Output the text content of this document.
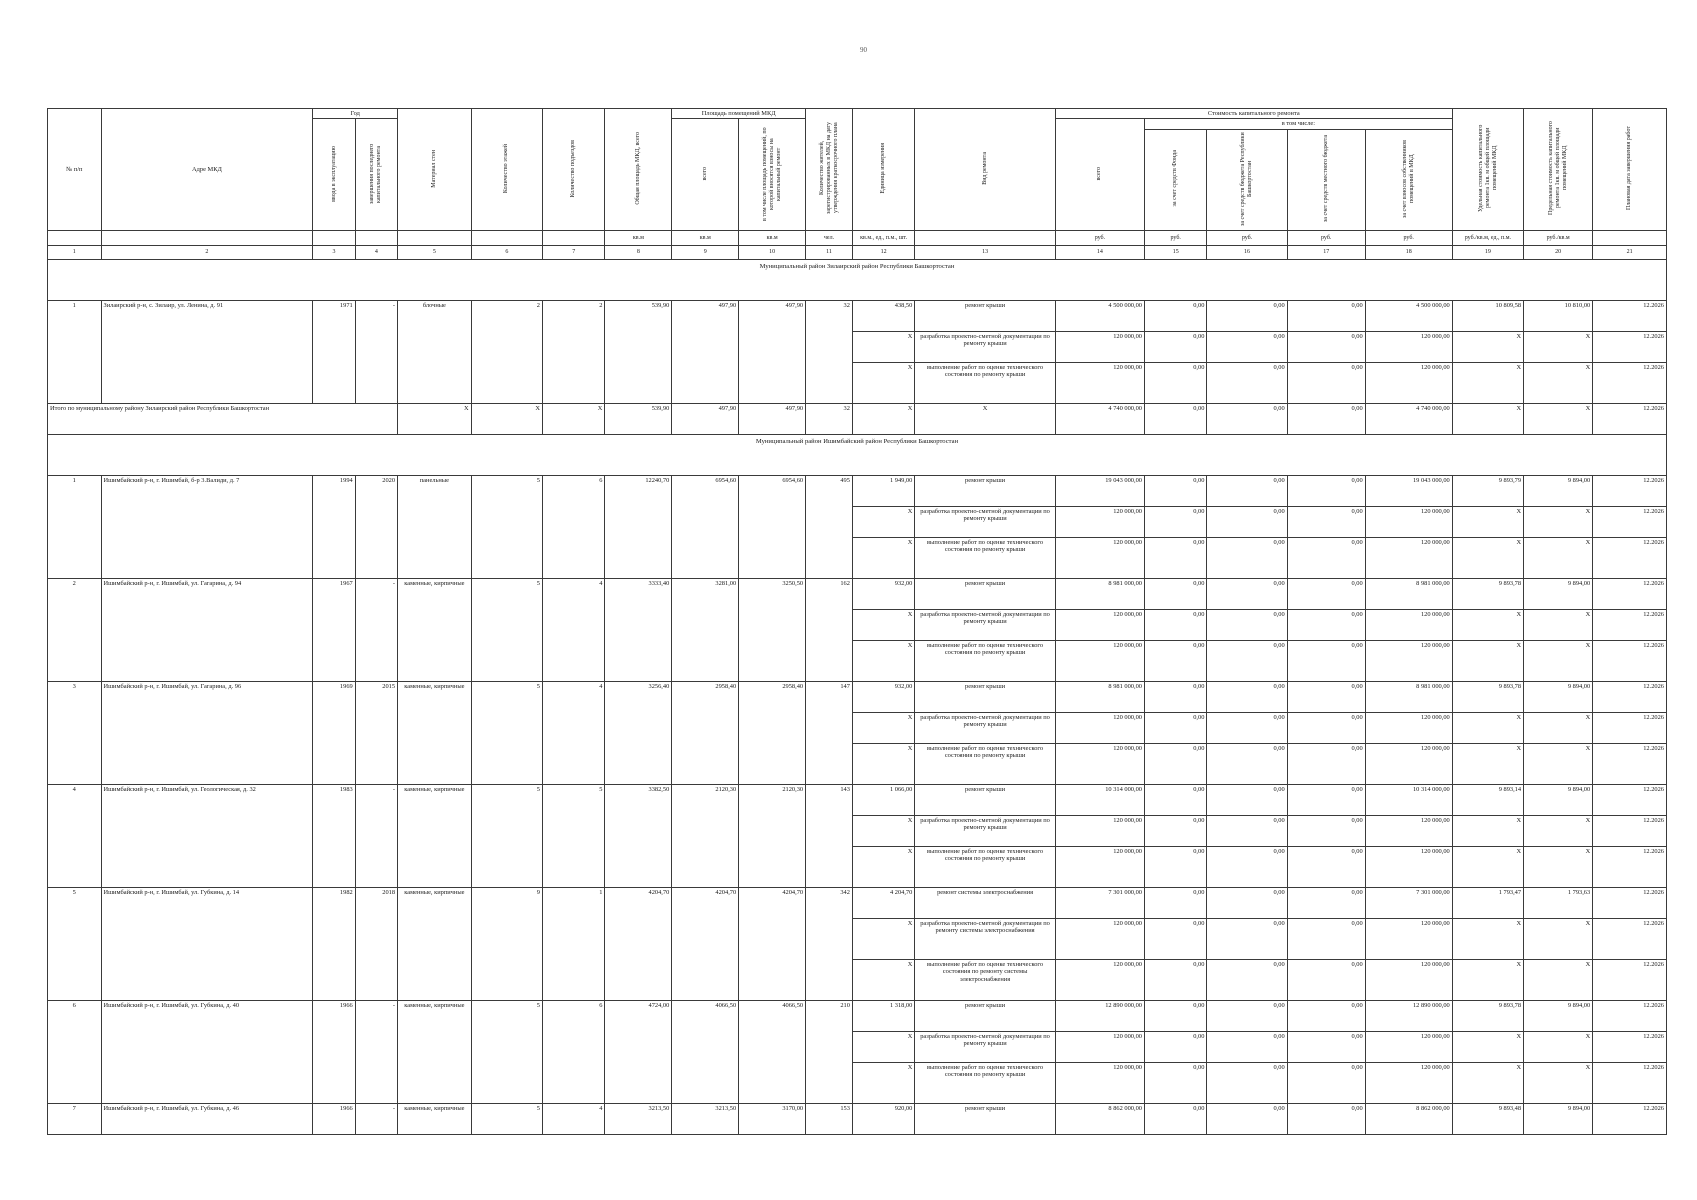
90
№ п/п	Адре МКД	Год		Материал стен	Количество этажей	Количество подъездов	Общая площадь МКД, всего	Площадь помещений МКД		Количество жителей, зарегистрированных в МКД на дату утверждения краткосрочного плана	Единица измерения	Вид ремонта	Стоимость капитального ремонта					Удельная стоимость капитального ремонта 1кв. м общей площади помещений МКД	Предельная стоимость капитального ремонта 1кв. м общей площади помещений МКД	Плановая дата завершения работ
		ввода в эксплуатацию	завершения последнего капитального ремонта					всего	в том числе площадь помещений, по которой вносятся взносы на капитальный ремонт				всего	в том числе:						
														за счет средств Фонда	за счет средств бюджета Республики Башкортостан	за счет средств местного бюджета	за счет взносов собственников помещений в МКД			
							кв.м	кв.м	кв.м	чел.	кв.м., ед., п.м., шт.		руб.	руб.	руб.	руб.	руб.	руб./кв.м, ед., п.м.	руб./кв.м	
1	2	3	4	5	6	7	8	9	10	11	12	13	14	15	16	17	18	19	20	21
Муниципальный район Зилаирский район Республики Башкортостан																				
1	Зилаирский р-н, с. Зилаир, ул. Ленина, д. 91	1971	-	блочные	2	2	539,90	497,90	497,90	32	438,50	ремонт крыши	4 500 000,00	0,00	0,00	0,00	4 500 000,00	10 809,58	10 810,00	12.2026
											X	разработка проектно-сметной документации по ремонту крыши	120 000,00	0,00	0,00	0,00	120 000,00	X	X	12.2026
											X	выполнение работ по оценке технического состояния по ремонту крыши	120 000,00	0,00	0,00	0,00	120 000,00	X	X	12.2026
Итого по муниципальному району Зилаирский район Республики Башкортостан				X	X	X	539,90	497,90	497,90	32	X	X	4 740 000,00	0,00	0,00	0,00	4 740 000,00	X	X	12.2026
Муниципальный район Ишимбайский район Республики Башкортостан																				
1	Ишимбайский р-н, г. Ишимбай, б-р 3.Валиди, д. 7	1994	2020	панельные	5	6	12240,70	6954,60	6954,60	495	1 949,00	ремонт крыши	19 043 000,00	0,00	0,00	0,00	19 043 000,00	9 893,79	9 894,00	12.2026
											X	разработка проектно-сметной документации по ремонту крыши	120 000,00	0,00	0,00	0,00	120 000,00	X	X	12.2026
											X	выполнение работ по оценке технического состояния по ремонту крыши	120 000,00	0,00	0,00	0,00	120 000,00	X	X	12.2026
2	Ишимбайский р-н, г. Ишимбай, ул. Гагарина, д. 94	1967	-	каменные, кирпичные	5	4	3333,40	3281,00	3250,50	162	932,00	ремонт крыши	8 981 000,00	0,00	0,00	0,00	8 981 000,00	9 893,78	9 894,00	12.2026
											X	разработка проектно-сметной документации по ремонту крыши	120 000,00	0,00	0,00	0,00	120 000,00	X	X	12.2026
											X	выполнение работ по оценке технического состояния по ремонту крыши	120 000,00	0,00	0,00	0,00	120 000,00	X	X	12.2026
3	Ишимбайский р-н, г. Ишимбай, ул. Гагарина, д. 96	1969	2015	каменные, кирпичные	5	4	3256,40	2958,40	2958,40	147	932,00	ремонт крыши	8 981 000,00	0,00	0,00	0,00	8 981 000,00	9 893,78	9 894,00	12.2026
											X	разработка проектно-сметной документации по ремонту крыши	120 000,00	0,00	0,00	0,00	120 000,00	X	X	12.2026
											X	выполнение работ по оценке технического состояния по ремонту крыши	120 000,00	0,00	0,00	0,00	120 000,00	X	X	12.2026
4	Ишимбайский р-н, г. Ишимбай, ул. Геологическая, д. 32	1983	-	каменные, кирпичные	5	5	3382,50	2120,30	2120,30	143	1 066,00	ремонт крыши	10 314 000,00	0,00	0,00	0,00	10 314 000,00	9 893,14	9 894,00	12.2026
											X	разработка проектно-сметной документации по ремонту крыши	120 000,00	0,00	0,00	0,00	120 000,00	X	X	12.2026
											X	выполнение работ по оценке технического состояния по ремонту крыши	120 000,00	0,00	0,00	0,00	120 000,00	X	X	12.2026
5	Ишимбайский р-н, г. Ишимбай, ул. Губкина, д. 14	1982	2018	каменные, кирпичные	9	1	4204,70	4204,70	4204,70	342	4 204,70	ремонт системы электроснабжения	7 301 000,00	0,00	0,00	0,00	7 301 000,00	1 793,47	1 793,63	12.2026
											X	разработка проектно-сметной документации по ремонту системы электроснабжения	120 000,00	0,00	0,00	0,00	120 000,00	X	X	12.2026
											X	выполнение работ по оценке технического состояния по ремонту системы электроснабжения	120 000,00	0,00	0,00	0,00	120 000,00	X	X	12.2026
6	Ишимбайский р-н, г. Ишимбай, ул. Губкина, д. 40	1966	-	каменные, кирпичные	5	6	4724,00	4066,50	4066,50	210	1 318,00	ремонт крыши	12 890 000,00	0,00	0,00	0,00	12 890 000,00	9 893,78	9 894,00	12.2026
											X	разработка проектно-сметной документации по ремонту крыши	120 000,00	0,00	0,00	0,00	120 000,00	X	X	12.2026
											X	выполнение работ по оценке технического состояния по ремонту крыши	120 000,00	0,00	0,00	0,00	120 000,00	X	X	12.2026
7	Ишимбайский р-н, г. Ишимбай, ул. Губкина, д. 46	1966	-	каменные, кирпичные	5	4	3213,50	3213,50	3170,00	153	920,00	ремонт крыши	8 862 000,00	0,00	0,00	0,00	8 862 000,00	9 893,48	9 894,00	12.2026
